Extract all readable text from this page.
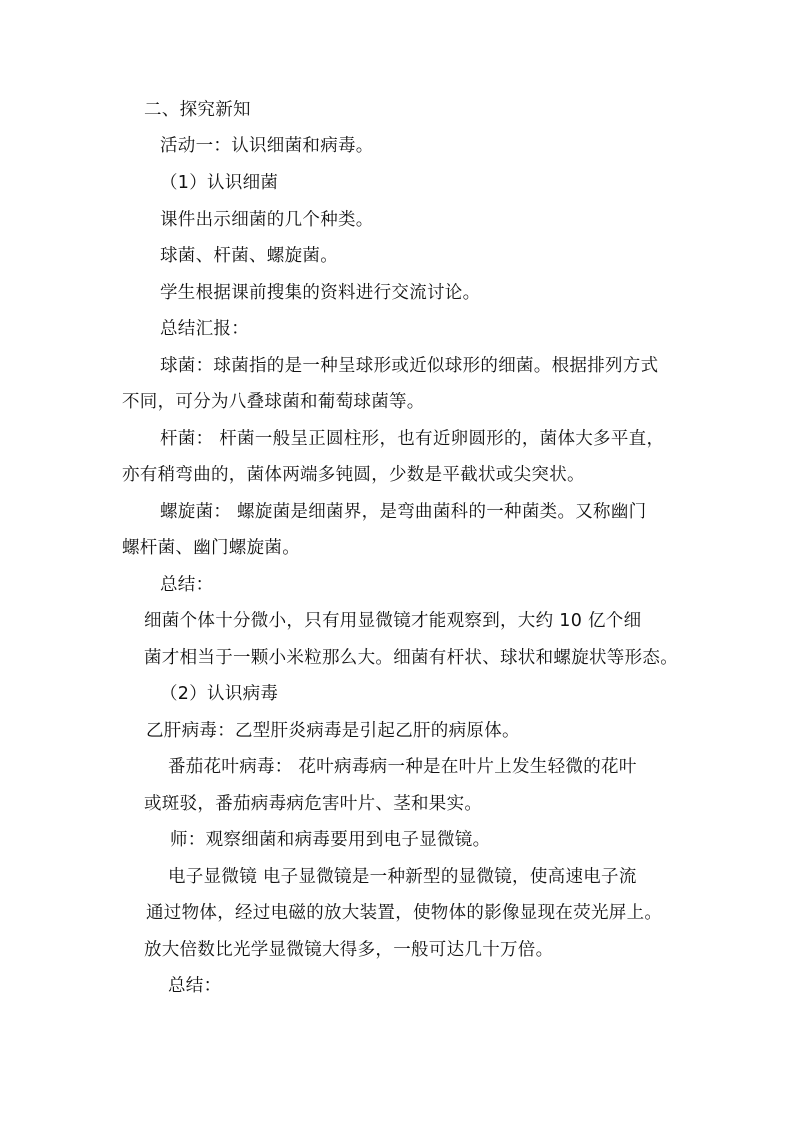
二、探究新知
活动一：认识细菌和病毒。
（1）认识细菌
课件出示细菌的几个种类。
球菌、杆菌、螺旋菌。
学生根据课前搜集的资料进行交流讨论。
总结汇报：
球菌：球菌指的是一种呈球形或近似球形的细菌。根据排列方式
不同，可分为八叠球菌和葡萄球菌等。
杆菌： 杆菌一般呈正圆柱形，也有近卵圆形的，菌体大多平直，
亦有稍弯曲的，菌体两端多钝圆，少数是平截状或尖突状。
螺旋菌： 螺旋菌是细菌界，是弯曲菌科的一种菌类。又称幽门
螺杆菌、幽门螺旋菌。
总结：
细菌个体十分微小，只有用显微镜才能观察到，大约 10 亿个细
菌才相当于一颗小米粒那么大。细菌有杆状、球状和螺旋状等形态。
（2）认识病毒
乙肝病毒：乙型肝炎病毒是引起乙肝的病原体。
番茄花叶病毒： 花叶病毒病一种是在叶片上发生轻微的花叶
或斑驳，番茄病毒病危害叶片、茎和果实。
师：观察细菌和病毒要用到电子显微镜。
电子显微镜 电子显微镜是一种新型的显微镜，使高速电子流
通过物体，经过电磁的放大装置，使物体的影像显现在荧光屏上。
放大倍数比光学显微镜大得多，一般可达几十万倍。
总结：
